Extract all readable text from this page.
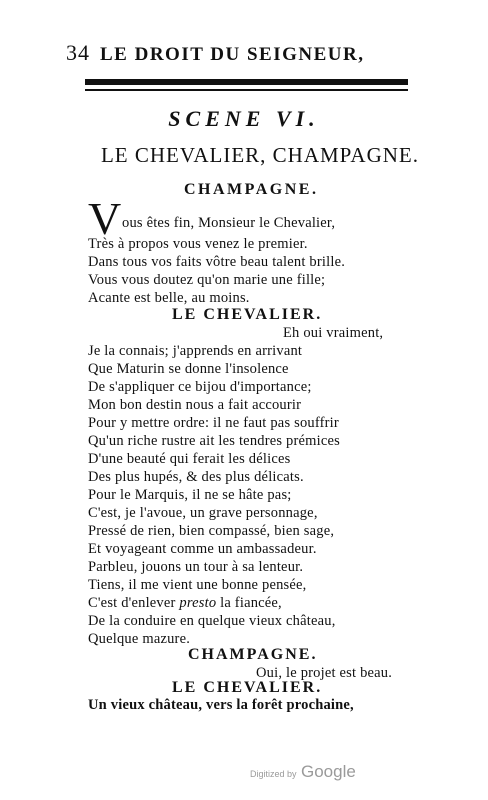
34 LE DROIT DU SEIGNEUR,
SCENE VI.
LE CHEVALIER, CHAMPAGNE.
CHAMPAGNE.
V ous êtes fin, Monsieur le Chevalier,
Très à propos vous venez le premier.
Dans tous vos faits vôtre beau talent brille.
Vous vous doutez qu'on marie une fille;
Acante est belle, au moins.
LE CHEVALIER.
Eh oui vraiment,
Je la connais; j'apprends en arrivant
Que Maturin se donne l'insolence
De s'appliquer ce bijou d'importance;
Mon bon destin nous a fait accourir
Pour y mettre ordre: il ne faut pas souffrir
Qu'un riche rustre ait les tendres prémices
D'une beauté qui ferait les délices
Des plus hupés, & des plus délicats.
Pour le Marquis, il ne se hâte pas;
C'est, je l'avoue, un grave personnage,
Pressé de rien, bien compassé, bien sage,
Et voyageant comme un ambassadeur.
Parbleu, jouons un tour à sa lenteur.
Tiens, il me vient une bonne pensée,
C'est d'enlever presto la fiancée,
De la conduire en quelque vieux château,
Quelque mazure.
CHAMPAGNE.
Oui, le projet est beau.
LE CHEVALIER.
Un vieux château, vers la forêt prochaine,
Digitized by Google
